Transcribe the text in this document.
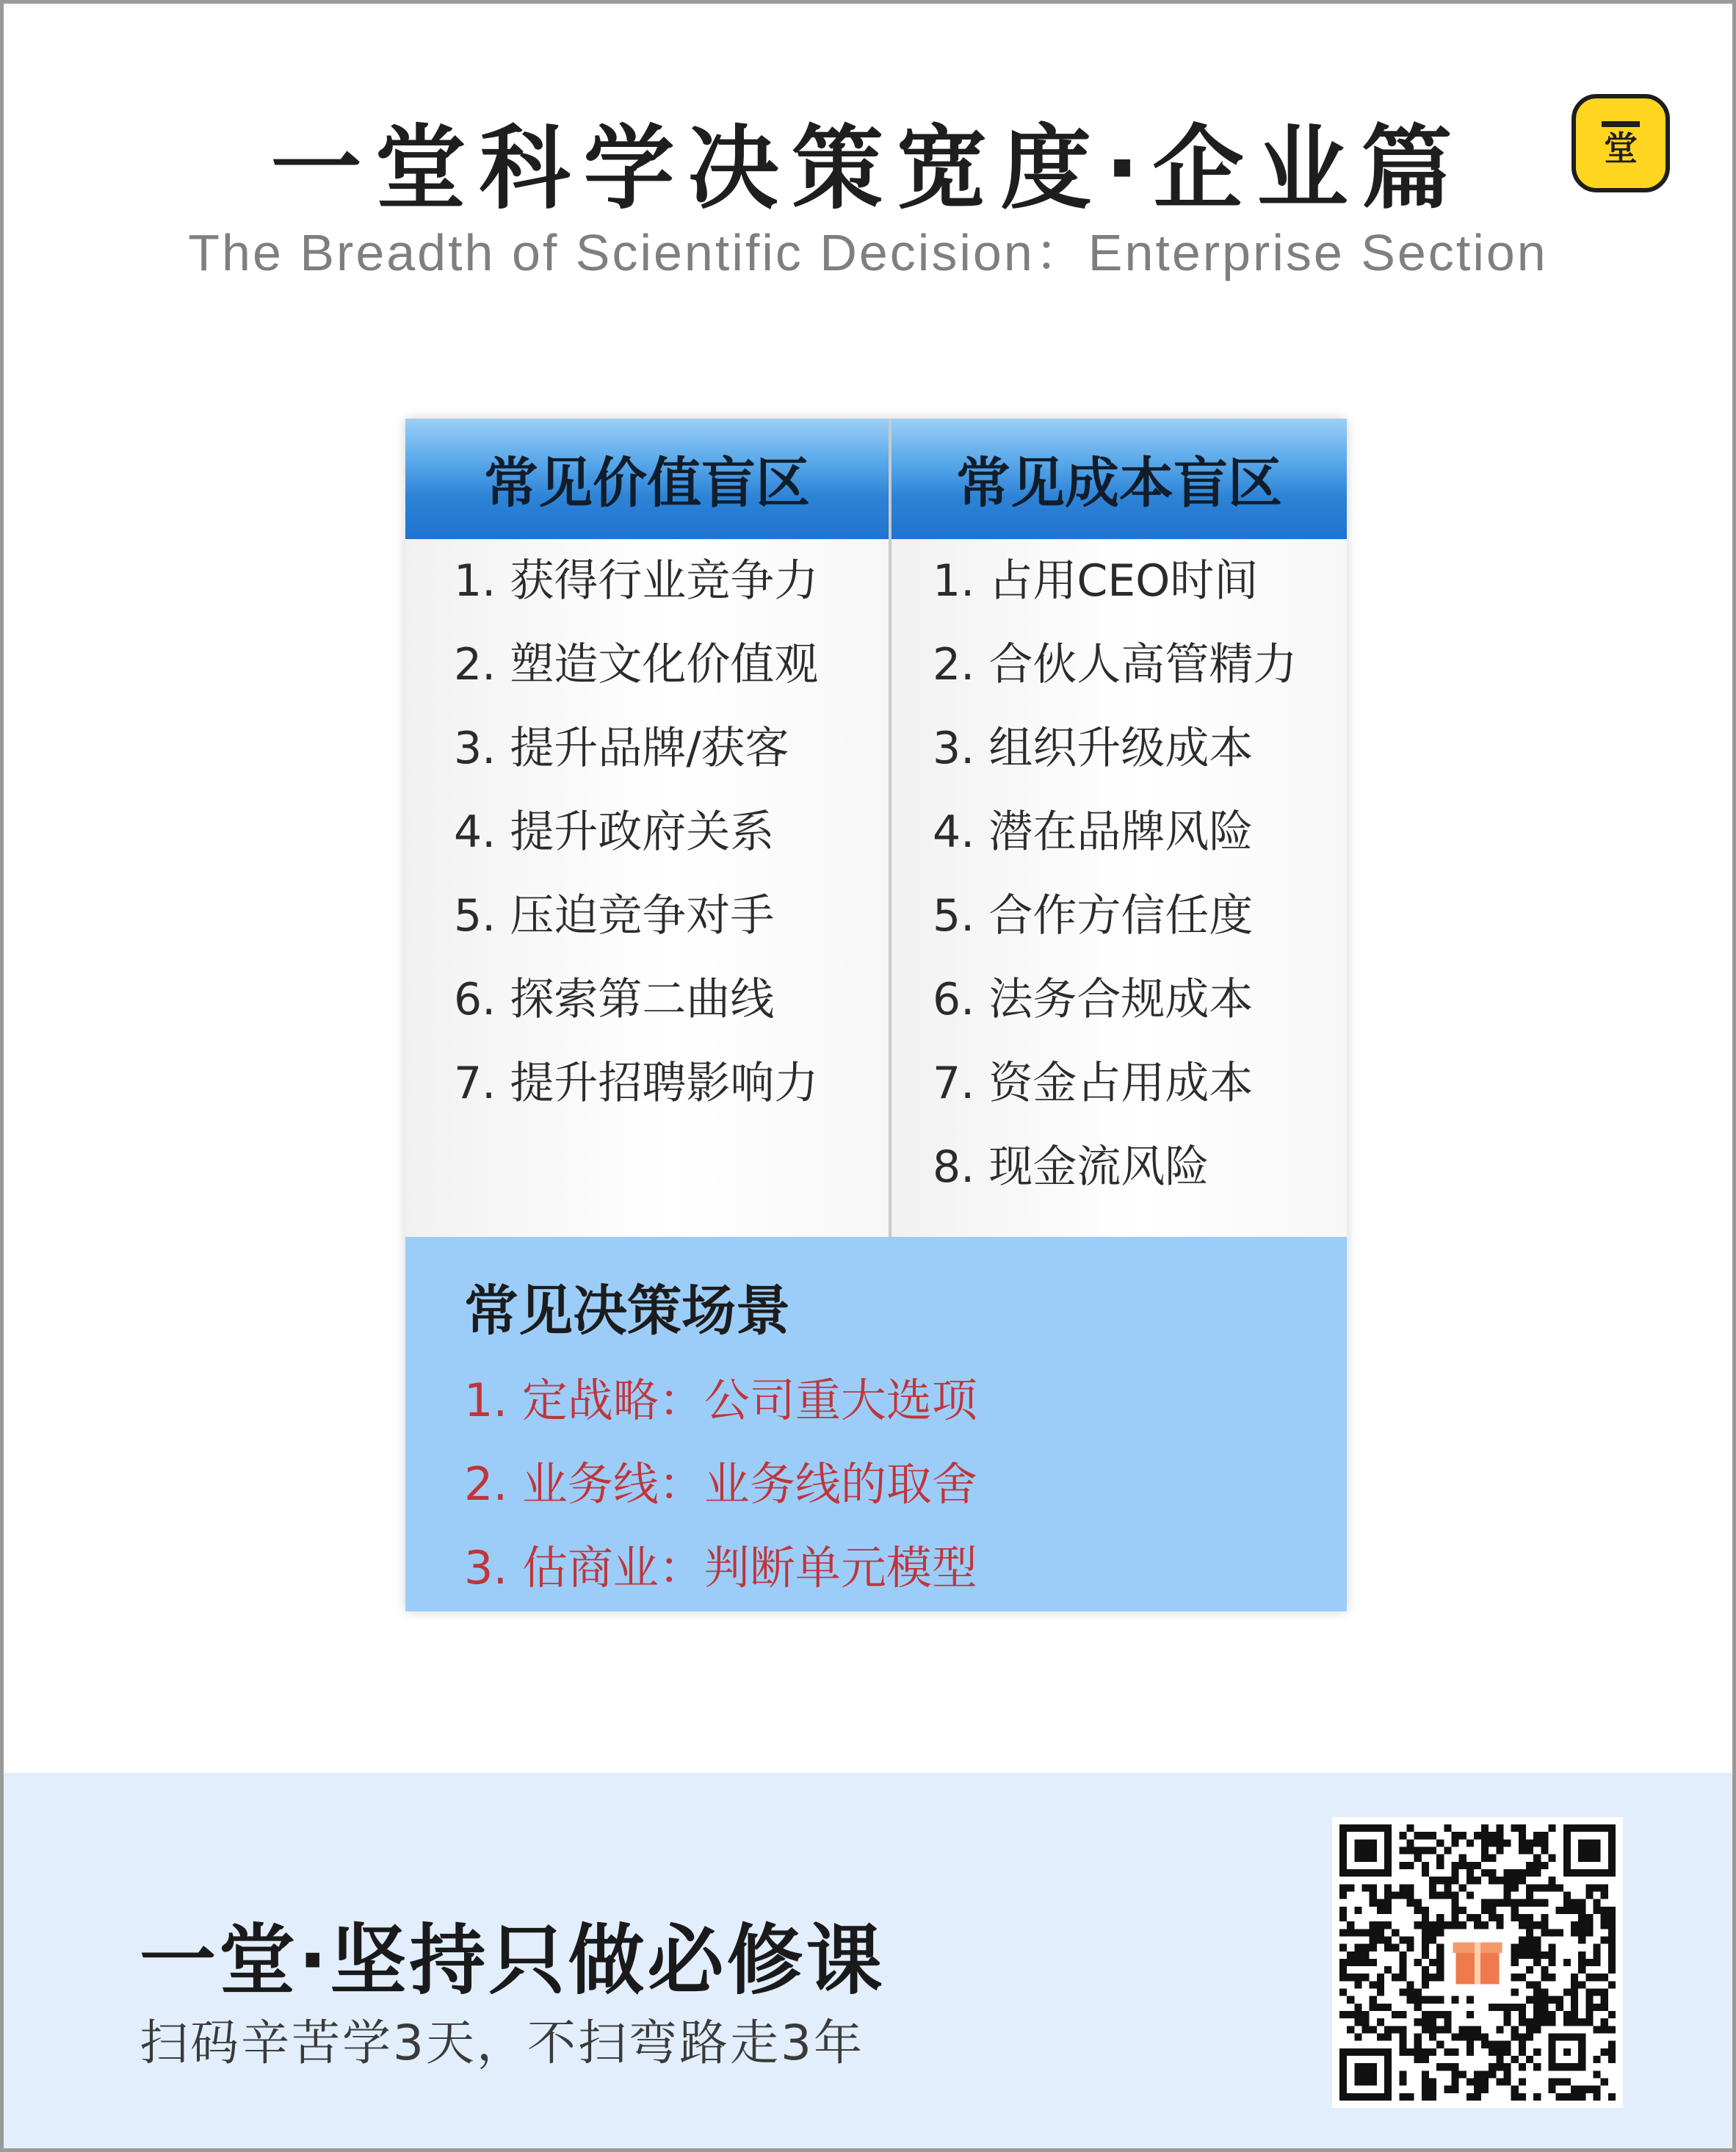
一堂科学决策宽度·企业篇
The Breadth of Scientific Decision：Enterprise Section
堂
常见价值盲区	常见成本盲区
1. 获得行业竞争力
2. 塑造文化价值观
3. 提升品牌/获客
4. 提升政府关系
5. 压迫竞争对手
6. 探索第二曲线
7. 提升招聘影响力
1. 占用CEO时间
2. 合伙人高管精力
3. 组织升级成本
4. 潜在品牌风险
5. 合作方信任度
6. 法务合规成本
7. 资金占用成本
8. 现金流风险
常见决策场景
1. 定战略：公司重大选项
2. 业务线：业务线的取舍
3. 估商业：判断单元模型
一堂·坚持只做必修课
扫码辛苦学3天，不扫弯路走3年
